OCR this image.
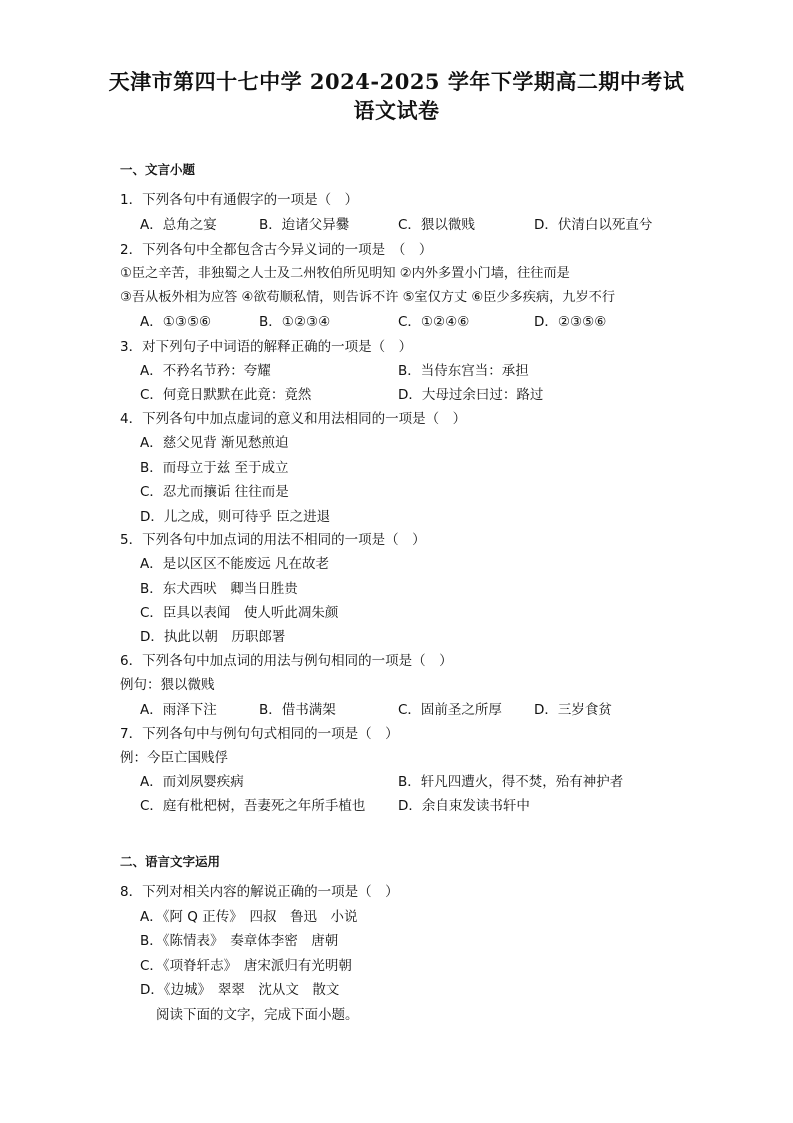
天津市第四十七中学 2024-2025 学年下学期高二期中考试
语文试卷
一、文言小题
1．下列各句中有通假字的一项是（　）
A．总角之宴	B．迨诸父异爨	C．猥以微贱	D．伏清白以死直兮
2．下列各句中全都包含古今异义词的一项是　（　）
①臣之辛苦，非独蜀之人士及二州牧伯所见明知 ②内外多置小门墙，往往而是
③吾从板外相为应答 ④欲苟顺私情，则告诉不许 ⑤室仅方丈 ⑥臣少多疾病，九岁不行
A．①③⑤⑥	B．①②③④	C．①②④⑥	D．②③⑤⑥
3．对下列句子中词语的解释正确的一项是（　）
A．不矜名节矜：夸耀	B．当侍东宫当：承担
C．何竟日默默在此竟：竟然	D．大母过余曰过：路过
4．下列各句中加点虚词的意义和用法相同的一项是（　）
A．慈父见背 渐见愁煎迫
B．而母立于兹 至于成立
C．忍尤而攘诟 往往而是
D．儿之成，则可待乎 臣之进退
5．下列各句中加点词的用法不相同的一项是（　）
A．是以区区不能废远 凡在故老
B．东犬西吠　卿当日胜贵
C．臣具以表闻　使人听此凋朱颜
D．执此以朝　历职郎署
6．下列各句中加点词的用法与例句相同的一项是（　）
例句：猥以微贱
A．雨泽下注	B．借书满架	C．固前圣之所厚 D．三岁食贫
7．下列各句中与例句句式相同的一项是（　）
例：今臣亡国贱俘
A．而刘夙婴疾病	B．轩凡四遭火，得不焚，殆有神护者
C．庭有枇杷树，吾妻死之年所手植也 D．余自束发读书轩中
二、语言文字运用
8．下列对相关内容的解说正确的一项是（　）
A．《阿 Q 正传》　四叔　鲁迅　小说
B．《陈情表》　奏章体李密　唐朝
C．《项脊轩志》　唐宋派归有光明朝
D．《边城》　翠翠　沈从文　散文
阅读下面的文字，完成下面小题。
